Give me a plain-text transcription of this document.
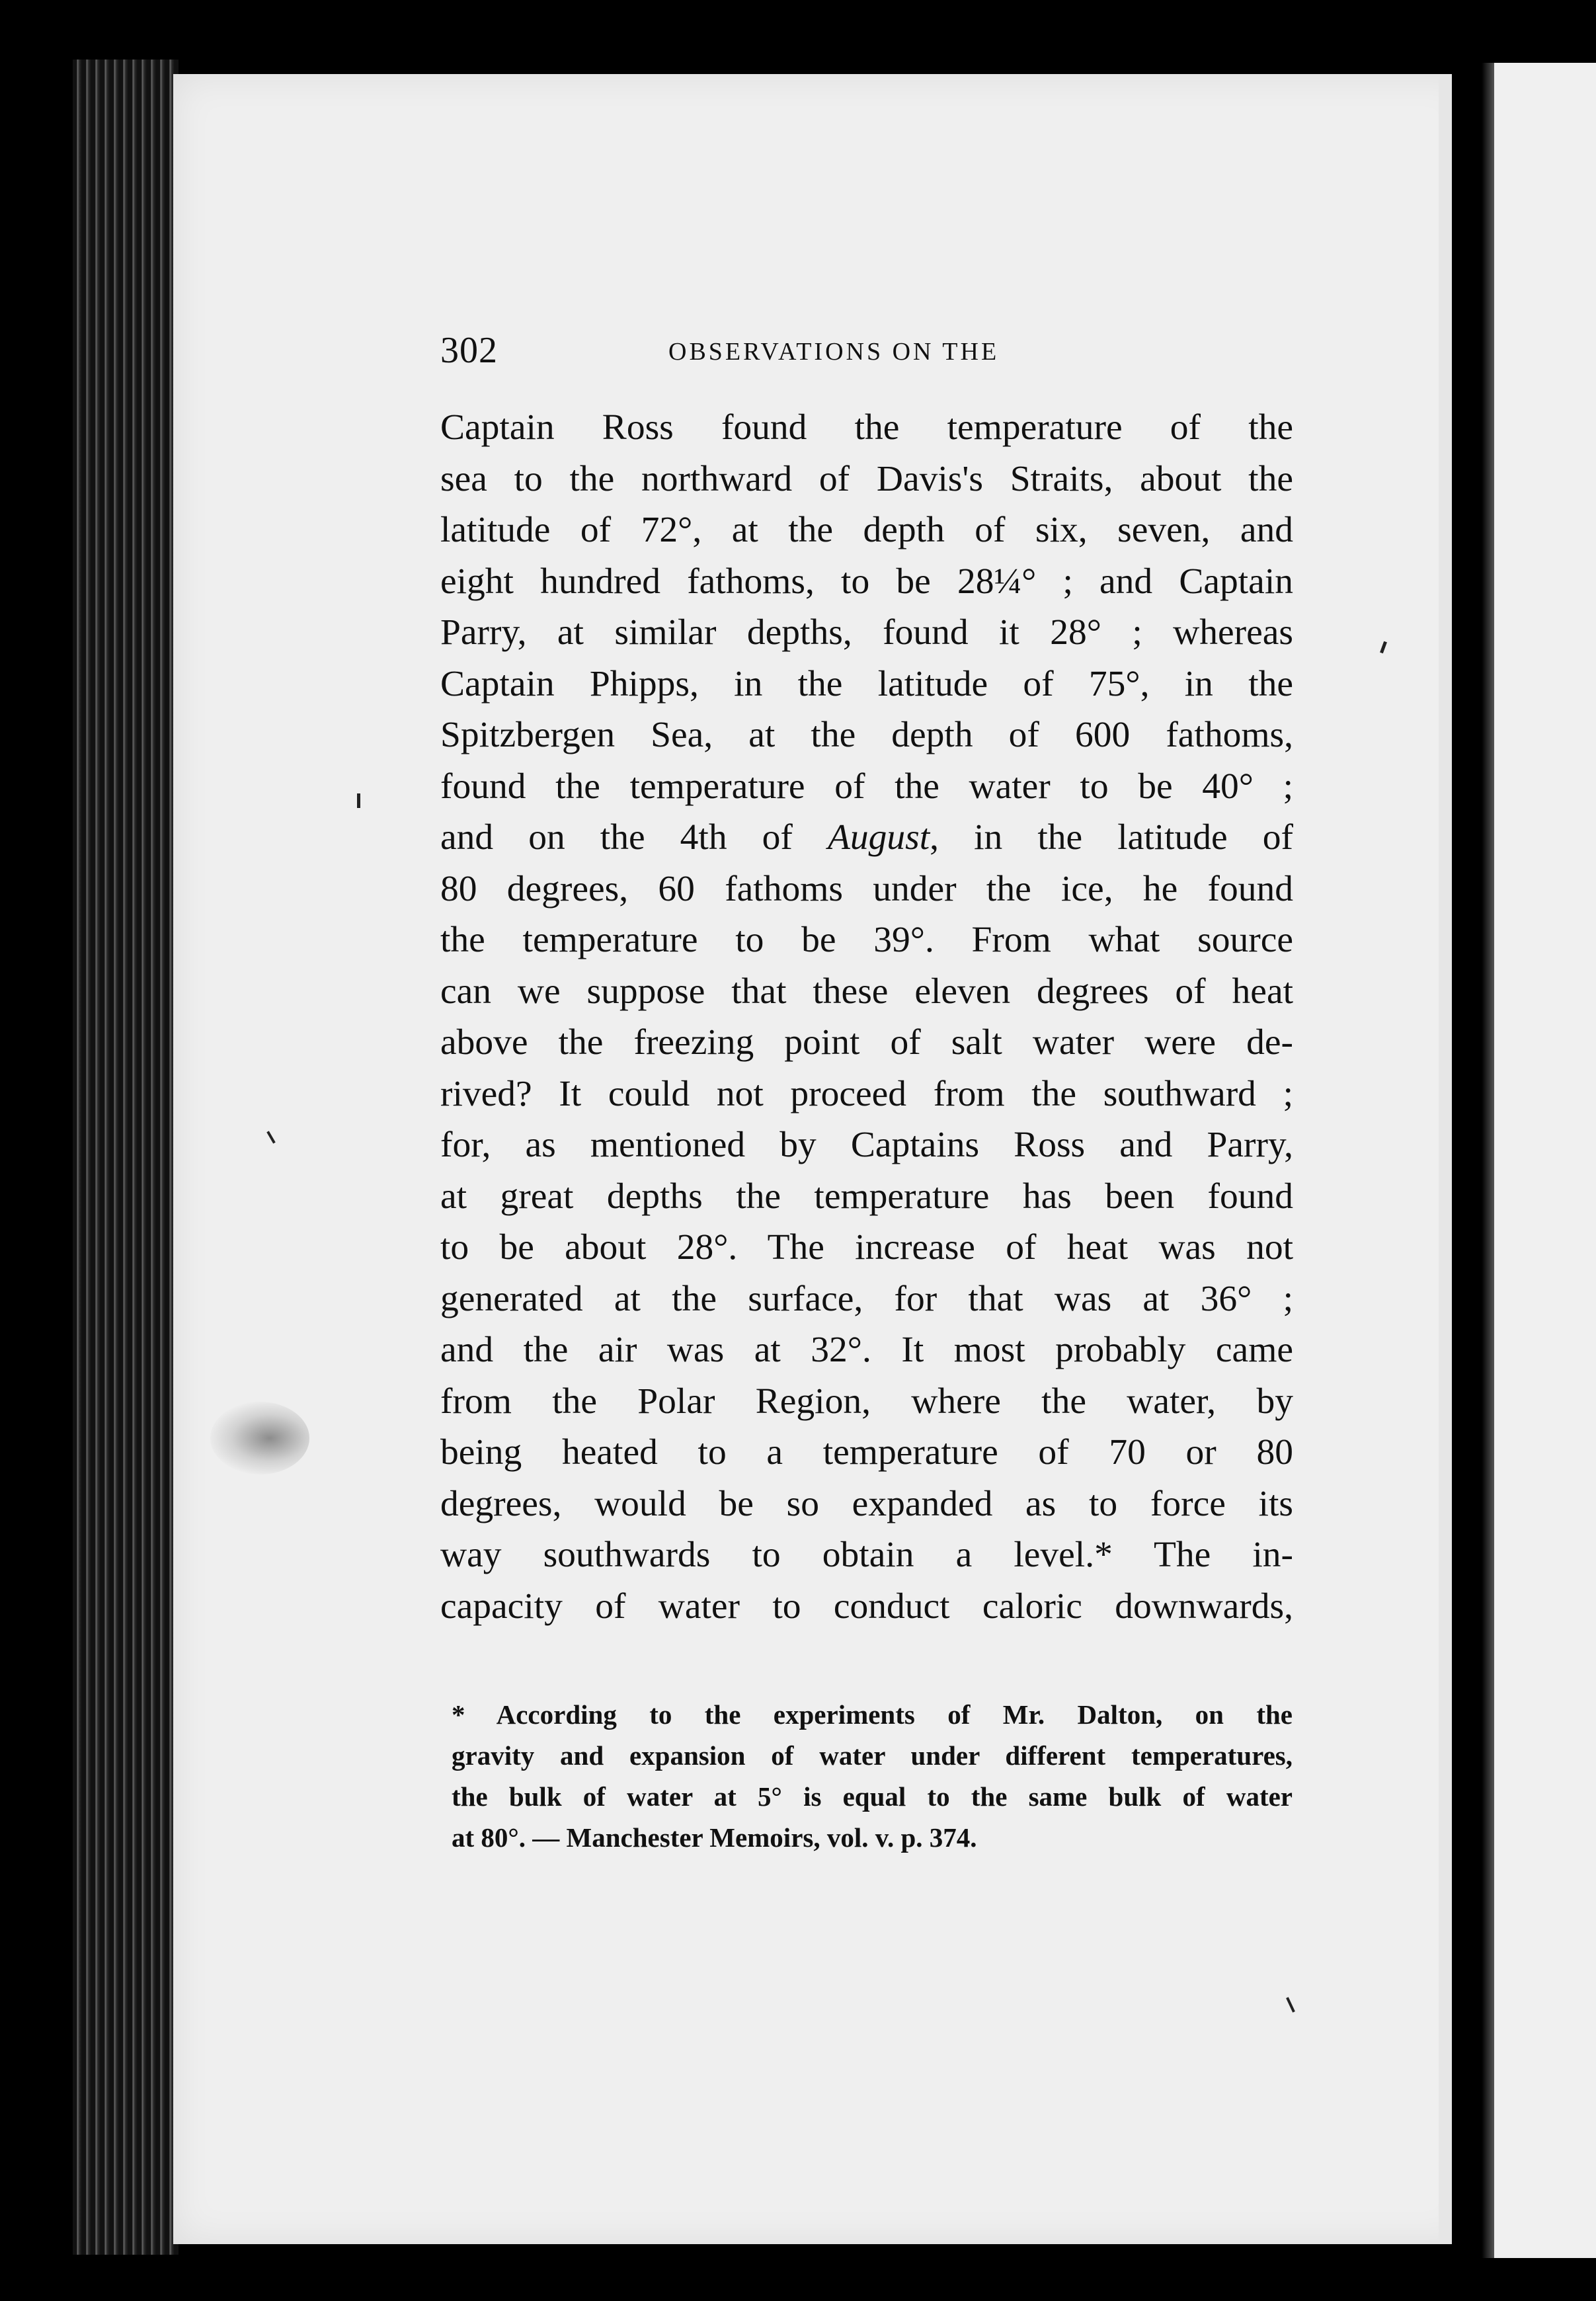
302	OBSERVATIONS ON THE
Captain Ross found the temperature of the
sea to the northward of Davis's Straits, about the
latitude of 72°, at the depth of six, seven, and
eight hundred fathoms, to be 28¼° ; and Captain
Parry, at similar depths, found it 28° ; whereas
Captain Phipps, in the latitude of 75°, in the
Spitzbergen Sea, at the depth of 600 fathoms,
found the temperature of the water to be 40° ;
and on the 4th of August, in the latitude of
80 degrees, 60 fathoms under the ice, he found
the temperature to be 39°. From what source
can we suppose that these eleven degrees of heat
above the freezing point of salt water were de-
rived? It could not proceed from the southward ;
for, as mentioned by Captains Ross and Parry,
at great depths the temperature has been found
to be about 28°. The increase of heat was not
generated at the surface, for that was at 36° ;
and the air was at 32°. It most probably came
from the Polar Region, where the water, by
being heated to a temperature of 70 or 80
degrees, would be so expanded as to force its
way southwards to obtain a level.* The in-
capacity of water to conduct caloric downwards,
* According to the experiments of Mr. Dalton, on the
gravity and expansion of water under different temperatures,
the bulk of water at 5° is equal to the same bulk of water
at 80°. — Manchester Memoirs, vol. v. p. 374.
